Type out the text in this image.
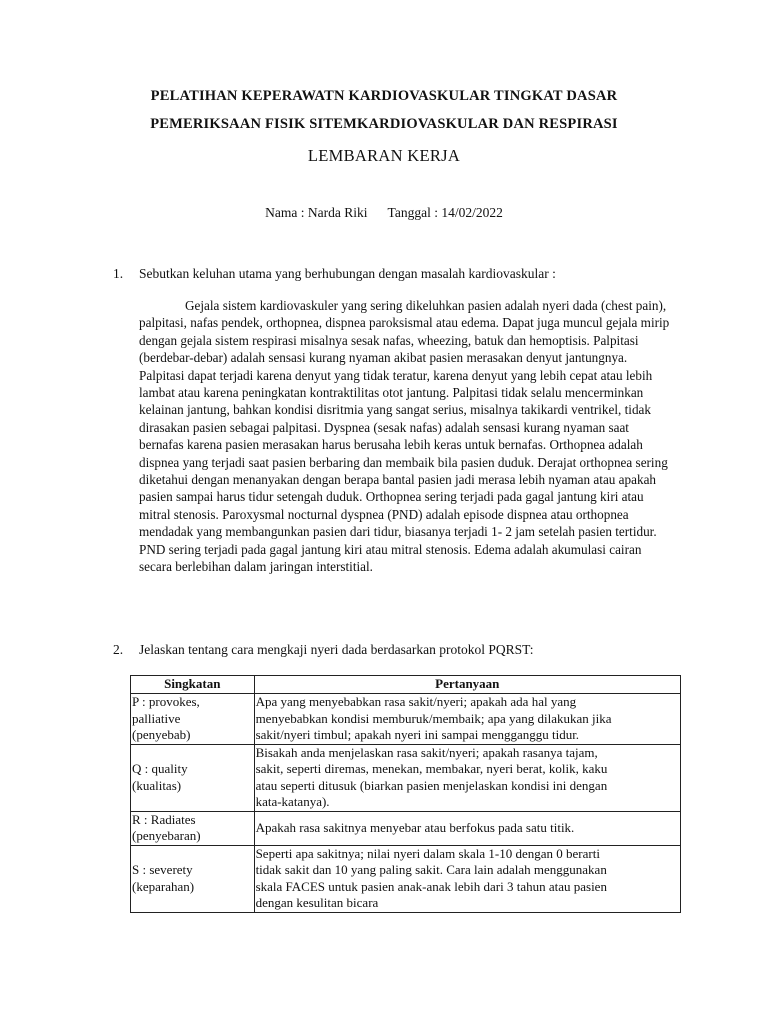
PELATIHAN KEPERAWATN KARDIOVASKULAR TINGKAT DASAR
PEMERIKSAAN FISIK SITEMKARDIOVASKULAR DAN RESPIRASI
LEMBARAN KERJA
Nama : Narda Riki Tanggal : 14/02/2022
1. Sebutkan keluhan utama yang berhubungan dengan masalah kardiovaskular :
Gejala sistem kardiovaskuler yang sering dikeluhkan pasien adalah nyeri dada (chest pain), palpitasi, nafas pendek, orthopnea, dispnea paroksismal atau edema. Dapat juga muncul gejala mirip dengan gejala sistem respirasi misalnya sesak nafas, wheezing, batuk dan hemoptisis. Palpitasi (berdebar-debar) adalah sensasi kurang nyaman akibat pasien merasakan denyut jantungnya. Palpitasi dapat terjadi karena denyut yang tidak teratur, karena denyut yang lebih cepat atau lebih lambat atau karena peningkatan kontraktilitas otot jantung. Palpitasi tidak selalu mencerminkan kelainan jantung, bahkan kondisi disritmia yang sangat serius, misalnya takikardi ventrikel, tidak dirasakan pasien sebagai palpitasi. Dyspnea (sesak nafas) adalah sensasi kurang nyaman saat bernafas karena pasien merasakan harus berusaha lebih keras untuk bernafas. Orthopnea adalah dispnea yang terjadi saat pasien berbaring dan membaik bila pasien duduk. Derajat orthopnea sering diketahui dengan menanyakan dengan berapa bantal pasien jadi merasa lebih nyaman atau apakah pasien sampai harus tidur setengah duduk. Orthopnea sering terjadi pada gagal jantung kiri atau mitral stenosis. Paroxysmal nocturnal dyspnea (PND) adalah episode dispnea atau orthopnea mendadak yang membangunkan pasien dari tidur, biasanya terjadi 1- 2 jam setelah pasien tertidur. PND sering terjadi pada gagal jantung kiri atau mitral stenosis. Edema adalah akumulasi cairan secara berlebihan dalam jaringan interstitial.
2. Jelaskan tentang cara mengkaji nyeri dada berdasarkan protokol PQRST:
Singkatan	Pertanyaan

P : provokes,
palliative
(penyebab)	Apa yang menyebabkan rasa sakit/nyeri; apakah ada hal yang
menyebabkan kondisi memburuk/membaik; apa yang dilakukan jika
sakit/nyeri timbul; apakah nyeri ini sampai mengganggu tidur.

Q : quality
(kualitas)	Bisakah anda menjelaskan rasa sakit/nyeri; apakah rasanya tajam,
sakit, seperti diremas, menekan, membakar, nyeri berat, kolik, kaku
atau seperti ditusuk (biarkan pasien menjelaskan kondisi ini dengan
kata-katanya).

R : Radiates
(penyebaran)	Apakah rasa sakitnya menyebar atau berfokus pada satu titik.

S : severety
(keparahan)	Seperti apa sakitnya; nilai nyeri dalam skala 1-10 dengan 0 berarti
tidak sakit dan 10 yang paling sakit. Cara lain adalah menggunakan
skala FACES untuk pasien anak-anak lebih dari 3 tahun atau pasien
dengan kesulitan bicara
